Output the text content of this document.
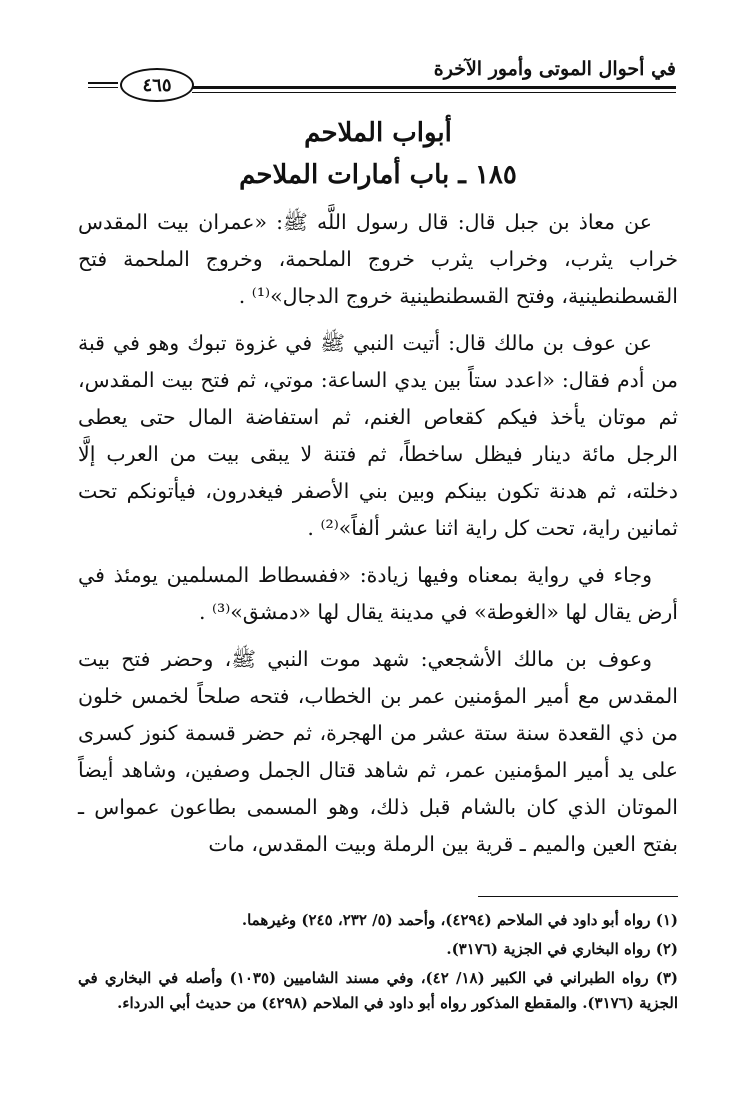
في أحوال الموتى وأمور الآخرة
٤٦٥
أبواب الملاحم
١٨٥ ـ باب أمارات الملاحم

عن معاذ بن جبل قال: قال رسول اللَّه ﷺ: «عمران بيت المقدس خراب يثرب، وخراب يثرب خروج الملحمة، وخروج الملحمة فتح القسطنطينية، وفتح القسطنطينية خروج الدجال»⁽¹⁾ .

عن عوف بن مالك قال: أتيت النبي ﷺ في غزوة تبوك وهو في قبة من أدم فقال: «اعدد ستاً بين يدي الساعة: موتي، ثم فتح بيت المقدس، ثم موتان يأخذ فيكم كقعاص الغنم، ثم استفاضة المال حتى يعطى الرجل مائة دينار فيظل ساخطاً، ثم فتنة لا يبقى بيت من العرب إلَّا دخلته، ثم هدنة تكون بينكم وبين بني الأصفر فيغدرون، فيأتونكم تحت ثمانين راية، تحت كل راية اثنا عشر ألفاً»⁽²⁾ .

وجاء في رواية بمعناه وفيها زيادة: «ففسطاط المسلمين يومئذ في أرض يقال لها «الغوطة» في مدينة يقال لها «دمشق»⁽³⁾ .

وعوف بن مالك الأشجعي: شهد موت النبي ﷺ، وحضر فتح بيت المقدس مع أمير المؤمنين عمر بن الخطاب، فتحه صلحاً لخمس خلون من ذي القعدة سنة ستة عشر من الهجرة، ثم حضر قسمة كنوز كسرى على يد أمير المؤمنين عمر، ثم شاهد قتال الجمل وصفين، وشاهد أيضاً الموتان الذي كان بالشام قبل ذلك، وهو المسمى بطاعون عمواس ـ بفتح العين والميم ـ قرية بين الرملة وبيت المقدس، مات

(١) رواه أبو داود في الملاحم (٤٢٩٤)، وأحمد (٥/ ٢٣٢، ٢٤٥) وغيرهما.
(٢) رواه البخاري في الجزية (٣١٧٦).
(٣) رواه الطبراني في الكبير (١٨/ ٤٢)، وفي مسند الشاميين (١٠٣٥) وأصله في البخاري في الجزية (٣١٧٦). والمقطع المذكور رواه أبو داود في الملاحم (٤٢٩٨) من حديث أبي الدرداء.
